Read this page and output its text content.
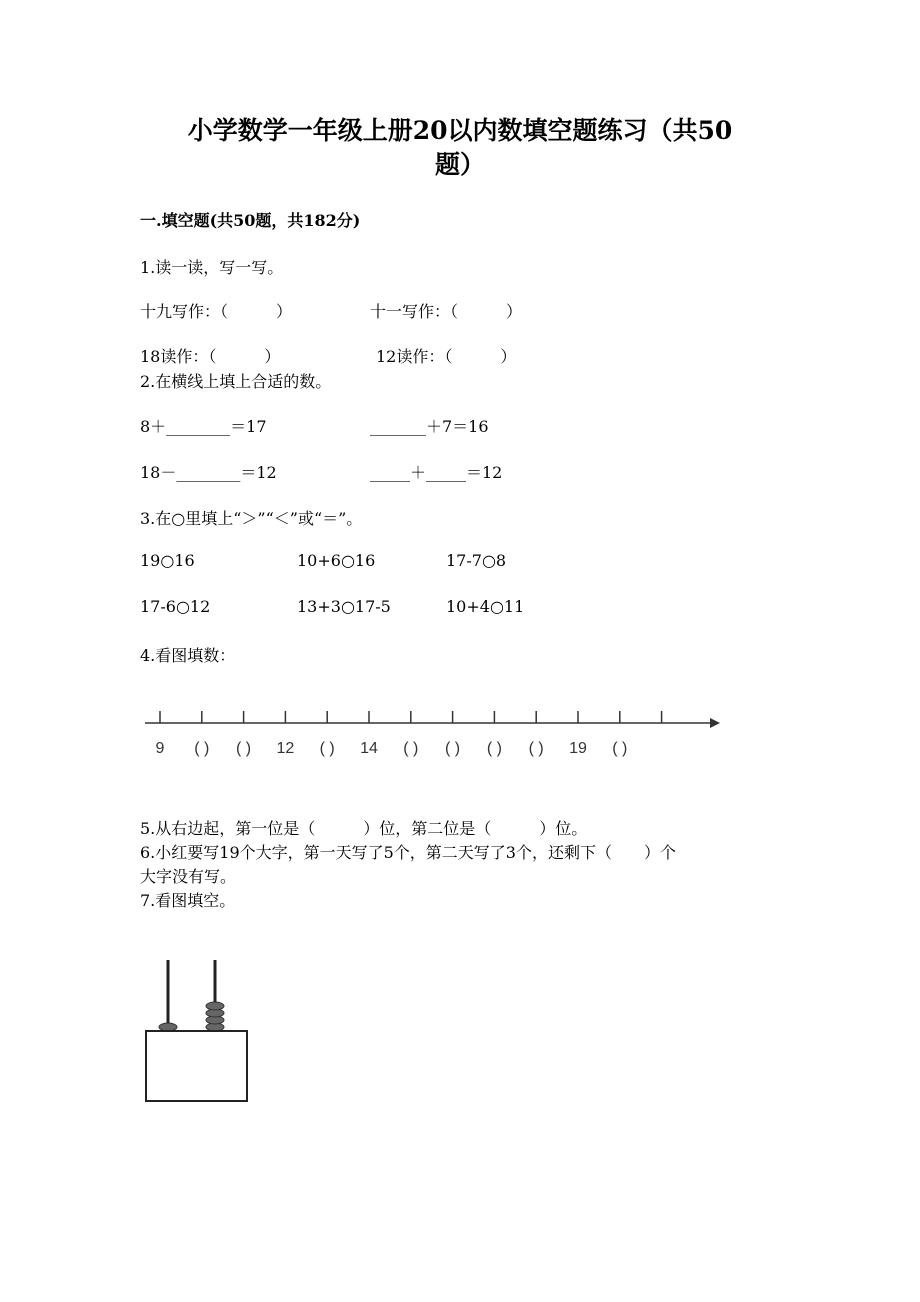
小学数学一年级上册20以内数填空题练习（共50
题）
一.填空题(共50题，共182分)
1.读一读，写一写。
十九写作：（　　　）	十一写作：（　　　）
18读作：（　　　）	12读作：（　　　）
2.在横线上填上合适的数。
8＋________＝17	_______＋7＝16
18－________＝12	_____＋_____＝12
3.在○里填上“＞”“＜”或“＝”。
19○16	10+6○16	17-7○8
17-6○12	13+3○17-5	10+4○11
4.看图填数：
9 ( ) ( ) 12 ( ) 14 ( ) ( ) ( ) ( ) 19 ( )
5.从右边起，第一位是（　　　）位，第二位是（　　　）位。
6.小红要写19个大字，第一天写了5个，第二天写了3个，还剩下（　　）个
大字没有写。
7.看图填空。
